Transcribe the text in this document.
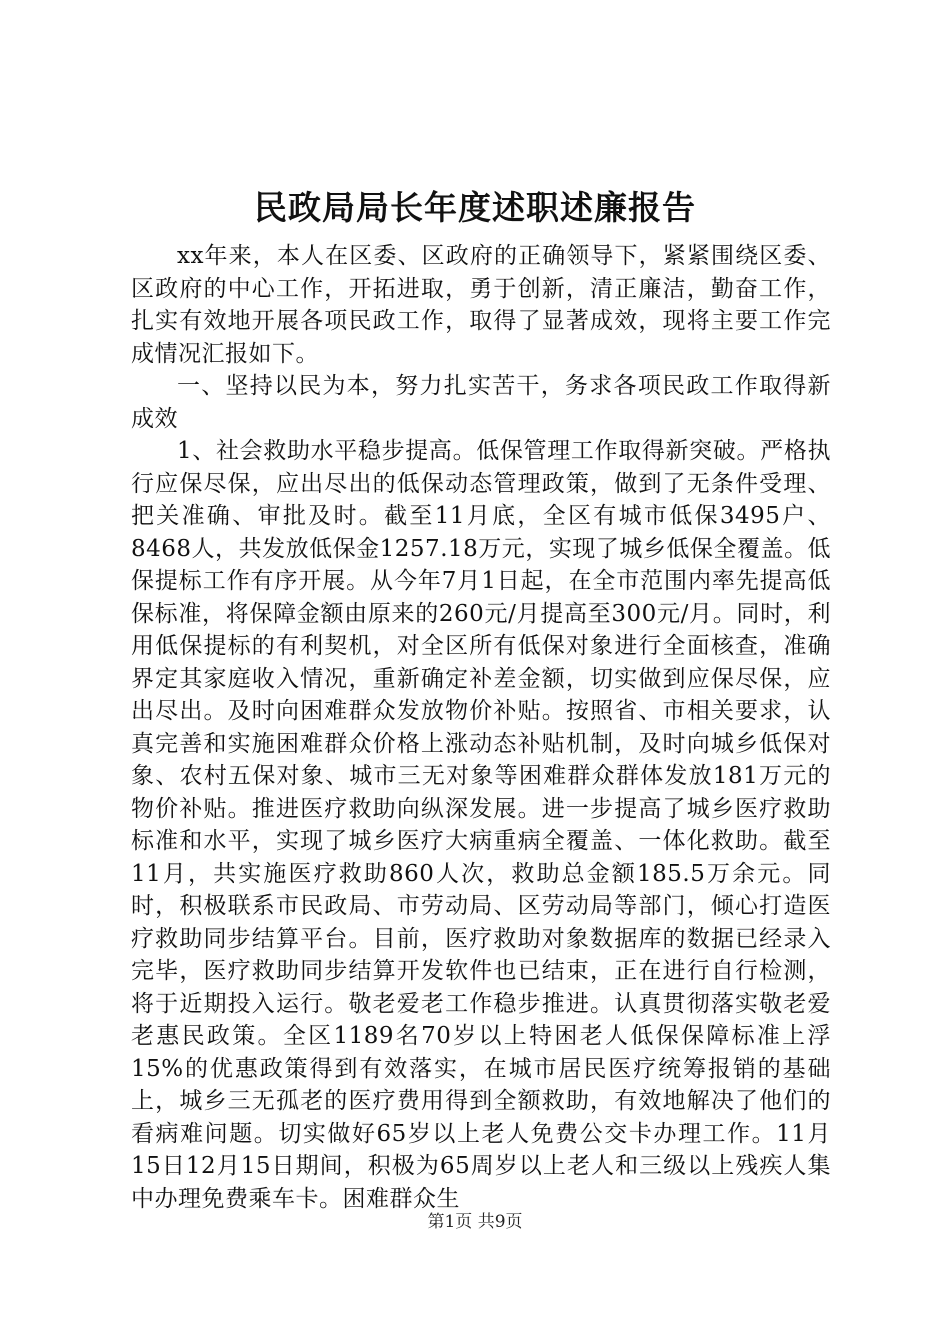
民政局局长年度述职述廉报告

xx年来，本人在区委、区政府的正确领导下，紧紧围绕区委、区政府的中心工作，开拓进取，勇于创新，清正廉洁，勤奋工作，扎实有效地开展各项民政工作，取得了显著成效，现将主要工作完成情况汇报如下。

一、坚持以民为本，努力扎实苦干，务求各项民政工作取得新成效

1、社会救助水平稳步提高。低保管理工作取得新突破。严格执行应保尽保，应出尽出的低保动态管理政策，做到了无条件受理、把关准确、审批及时。截至11月底，全区有城市低保3495户、8468人，共发放低保金1257.18万元，实现了城乡低保全覆盖。低保提标工作有序开展。从今年7月1日起，在全市范围内率先提高低保标准，将保障金额由原来的260元/月提高至300元/月。同时，利用低保提标的有利契机，对全区所有低保对象进行全面核查，准确界定其家庭收入情况，重新确定补差金额，切实做到应保尽保，应出尽出。及时向困难群众发放物价补贴。按照省、市相关要求，认真完善和实施困难群众价格上涨动态补贴机制，及时向城乡低保对象、农村五保对象、城市三无对象等困难群众群体发放181万元的物价补贴。推进医疗救助向纵深发展。进一步提高了城乡医疗救助标准和水平，实现了城乡医疗大病重病全覆盖、一体化救助。截至11月，共实施医疗救助860人次，救助总金额185.5万余元。同时，积极联系市民政局、市劳动局、区劳动局等部门，倾心打造医疗救助同步结算平台。目前，医疗救助对象数据库的数据已经录入完毕，医疗救助同步结算开发软件也已结束，正在进行自行检测，将于近期投入运行。敬老爱老工作稳步推进。认真贯彻落实敬老爱老惠民政策。全区1189名70岁以上特困老人低保保障标准上浮15%的优惠政策得到有效落实，在城市居民医疗统筹报销的基础上，城乡三无孤老的医疗费用得到全额救助，有效地解决了他们的看病难问题。切实做好65岁以上老人免费公交卡办理工作。11月15日12月15日期间，积极为65周岁以上老人和三级以上残疾人集中办理免费乘车卡。困难群众生

第1页 共9页
